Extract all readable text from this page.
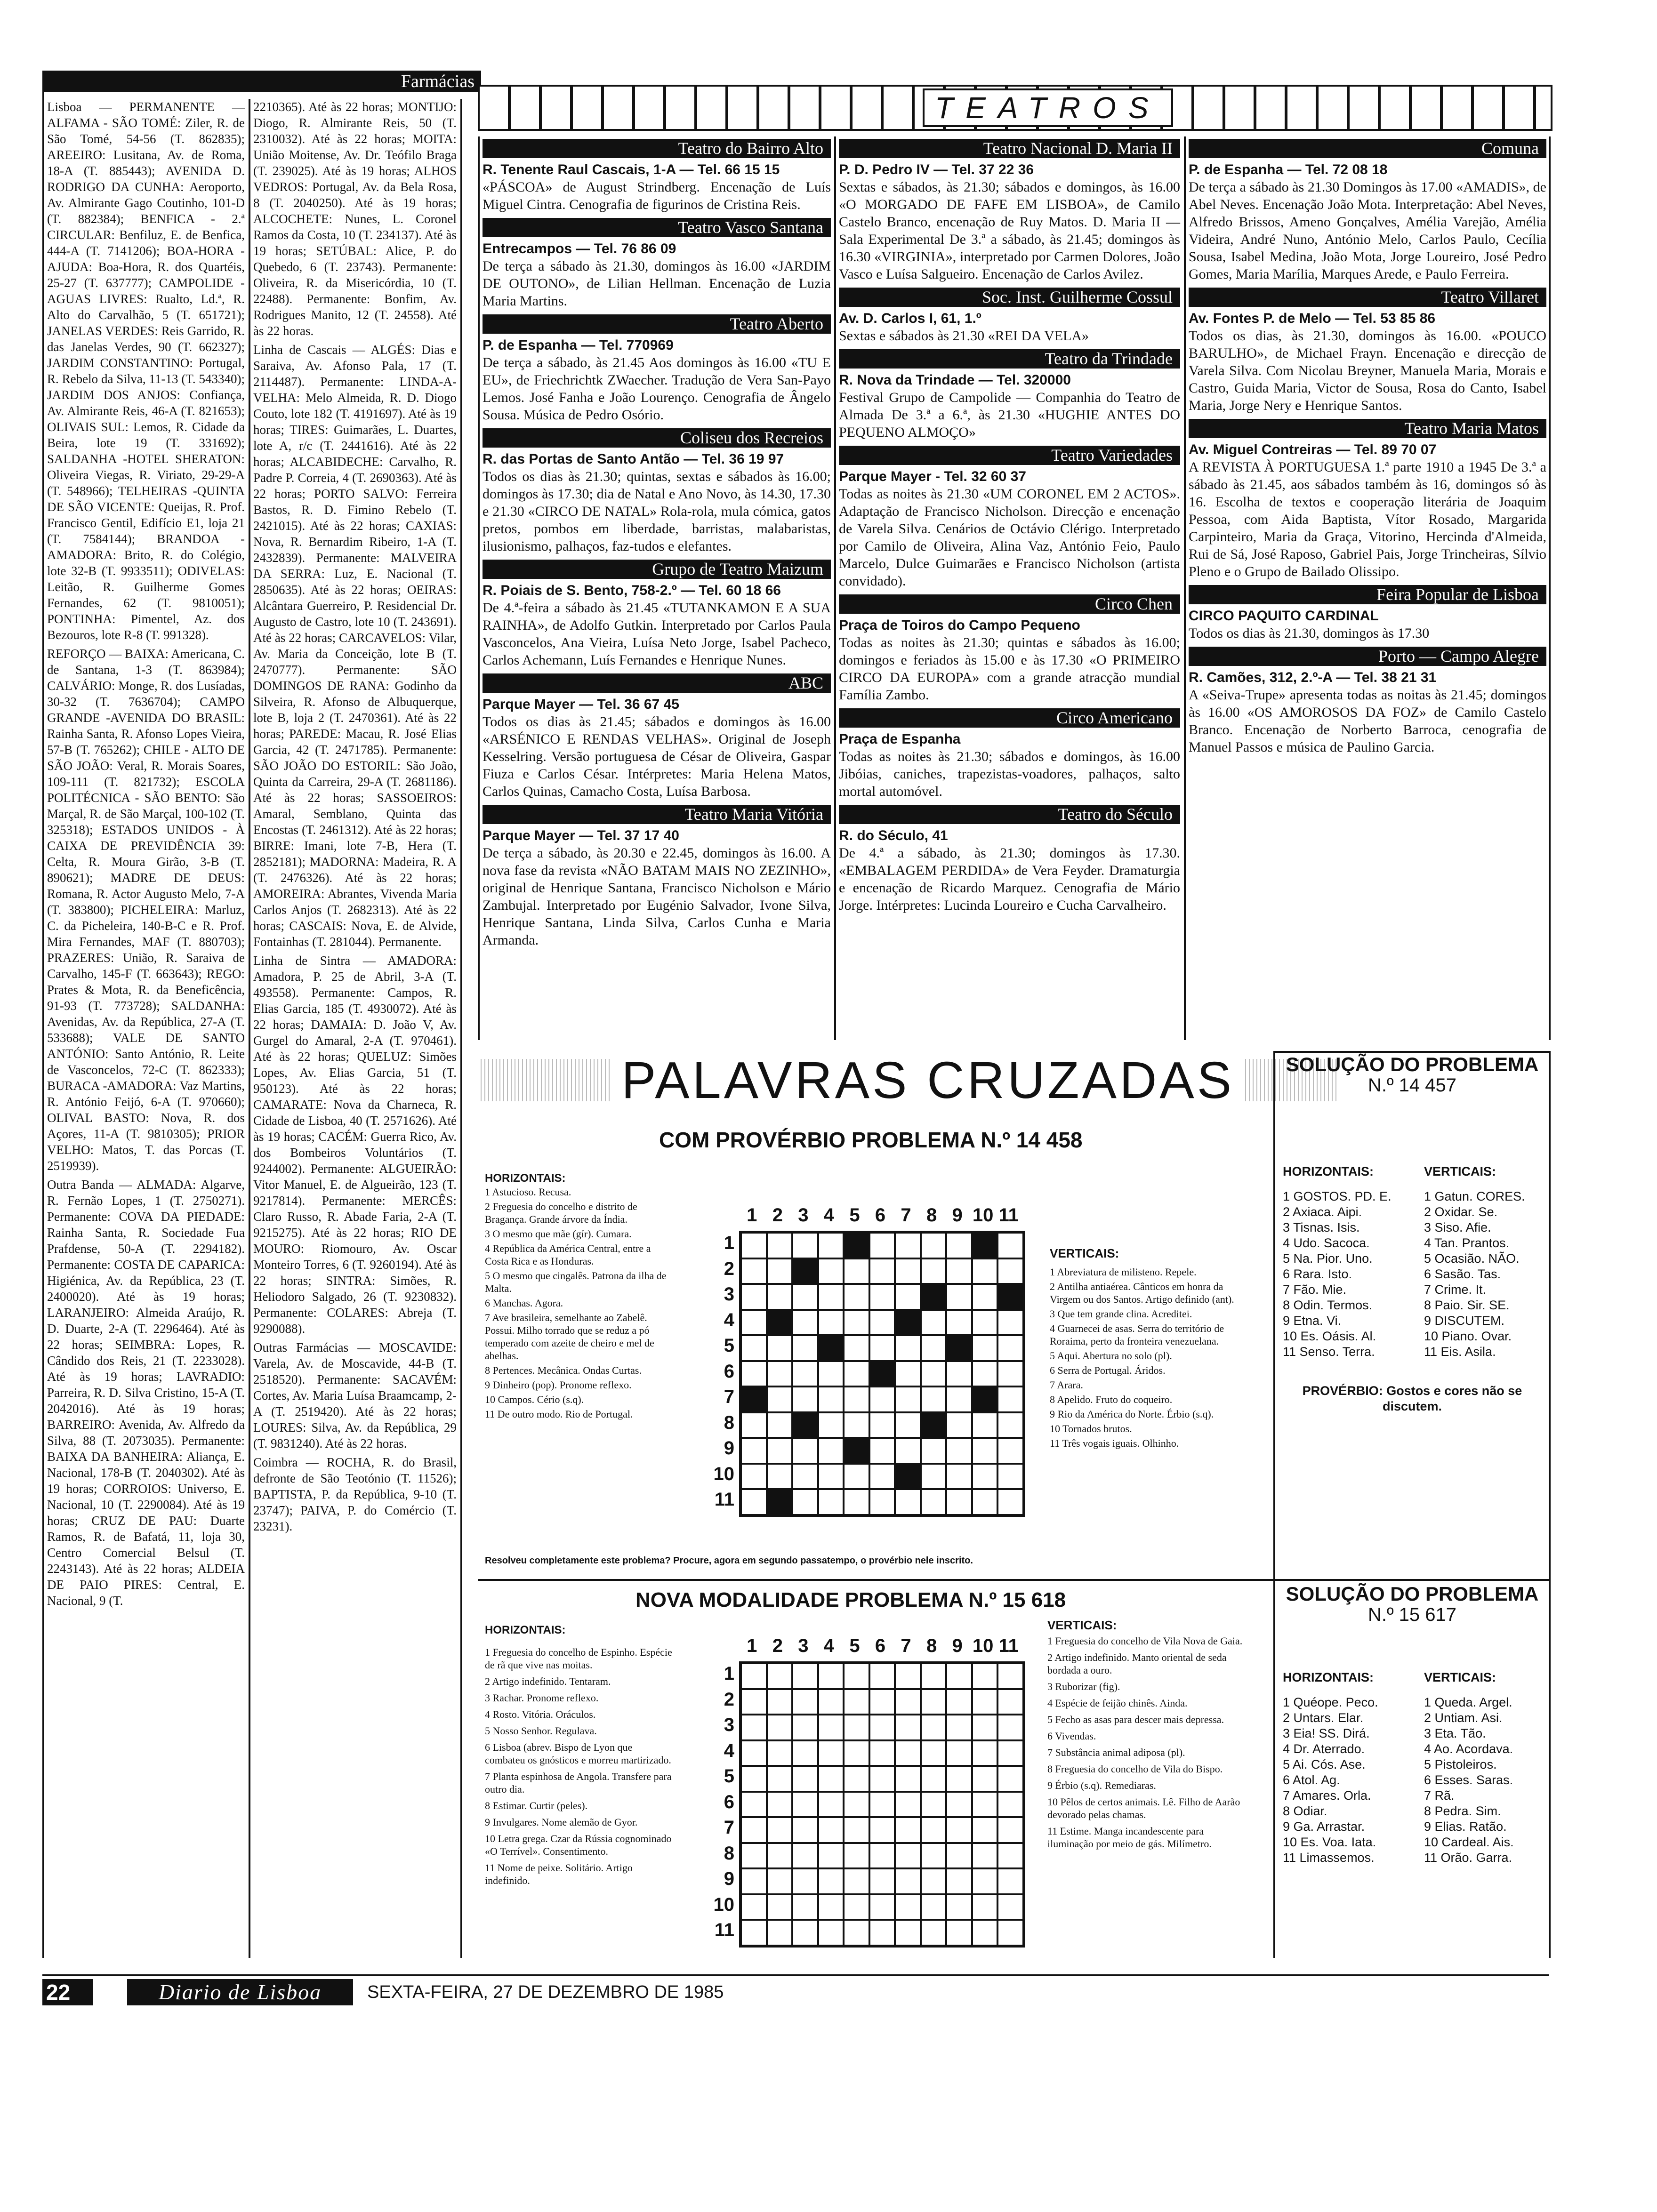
Farmácias

Lisboa — PERMANENTE — ALFAMA - SÃO TOMÉ: Ziler, R. de São Tomé, 54-56 (T. 862835); AREEIRO: Lusitana, Av. de Roma, 18-A (T. 885443); AVENIDA D. RODRIGO DA CUNHA: Aeroporto, Av. Almirante Gago Coutinho, 101-D (T. 882384); BENFICA - 2.ª CIRCULAR: Benfiluz, E. de Benfica, 444-A (T. 7141206); BOA-HORA - AJUDA: Boa-Hora, R. dos Quartéis, 25-27 (T. 637777); CAMPOLIDE -AGUAS LIVRES: Rualto, Ld.ª, R. Alto do Carvalhão, 5 (T. 651721); JANELAS VERDES: Reis Garrido, R. das Janelas Verdes, 90 (T. 662327); JARDIM CONSTANTINO: Portugal, R. Rebelo da Silva, 11-13 (T. 543340); JARDIM DOS ANJOS: Confiança, Av. Almirante Reis, 46-A (T. 821653); OLIVAIS SUL: Lemos, R. Cidade da Beira, lote 19 (T. 331692); SALDANHA -HOTEL SHERATON: Oliveira Viegas, R. Viriato, 29-29-A (T. 548966); TELHEIRAS -QUINTA DE SÃO VICENTE: Queijas, R. Prof. Francisco Gentil, Edifício E1, loja 21 (T. 7584144); BRANDOA - AMADORA: Brito, R. do Colégio, lote 32-B (T. 9933511); ODIVELAS: Leitão, R. Guilherme Gomes Fernandes, 62 (T. 9810051); PONTINHA: Pimentel, Az. dos Bezouros, lote R-8 (T. 991328).

REFORÇO — BAIXA: Americana, C. de Santana, 1-3 (T. 863984); CALVÁRIO: Monge, R. dos Lusíadas, 30-32 (T. 7636704); CAMPO GRANDE -AVENIDA DO BRASIL: Rainha Santa, R. Afonso Lopes Vieira, 57-B (T. 765262); CHILE - ALTO DE SÃO JOÃO: Veral, R. Morais Soares, 109-111 (T. 821732); ESCOLA POLITÉCNICA - SÃO BENTO: São Marçal, R. de São Marçal, 100-102 (T. 325318); ESTADOS UNIDOS - À CAIXA DE PREVIDÊNCIA 39: Celta, R. Moura Girão, 3-B (T. 890621); MADRE DE DEUS: Romana, R. Actor Augusto Melo, 7-A (T. 383800); PICHELEIRA: Marluz, C. da Picheleira, 140-B-C e R. Prof. Mira Fernandes, MAF (T. 880703); PRAZERES: União, R. Saraiva de Carvalho, 145-F (T. 663643); REGO: Prates & Mota, R. da Beneficência, 91-93 (T. 773728); SALDANHA: Avenidas, Av. da República, 27-A (T. 533688); VALE DE SANTO ANTÓNIO: Santo António, R. Leite de Vasconcelos, 72-C (T. 862333); BURACA -AMADORA: Vaz Martins, R. António Feijó, 6-A (T. 970660); OLIVAL BASTO: Nova, R. dos Açores, 11-A (T. 9810305); PRIOR VELHO: Matos, T. das Porcas (T. 2519939).

Outra Banda — ALMADA: Algarve, R. Fernão Lopes, 1 (T. 2750271). Permanente: COVA DA PIEDADE: Rainha Santa, R. Sociedade Fua Prafdense, 50-A (T. 2294182). Permanente: COSTA DE CAPARICA: Higiénica, Av. da República, 23 (T. 2400020). Até às 19 horas; LARANJEIRO: Almeida Araújo, R. D. Duarte, 2-A (T. 2296464). Até às 22 horas; SEIMBRA: Lopes, R. Cândido dos Reis, 21 (T. 2233028). Até às 19 horas; LAVRADIO: Parreira, R. D. Silva Cristino, 15-A (T. 2042016). Até às 19 horas; BARREIRO: Avenida, Av. Alfredo da Silva, 88 (T. 2073035). Permanente: BAIXA DA BANHEIRA: Aliança, E. Nacional, 178-B (T. 2040302). Até às 19 horas; CORROIOS: Universo, E. Nacional, 10 (T. 2290084). Até às 19 horas; CRUZ DE PAU: Duarte Ramos, R. de Bafatá, 11, loja 30, Centro Comercial Belsul (T. 2243143). Até às 22 horas; ALDEIA DE PAIO PIRES: Central, E. Nacional, 9 (T.

2210365). Até às 22 horas; MONTIJO: Diogo, R. Almirante Reis, 50 (T. 2310032). Até às 22 horas; MOITA: União Moitense, Av. Dr. Teófilo Braga (T. 239025). Até às 19 horas; ALHOS VEDROS: Portugal, Av. da Bela Rosa, 8 (T. 2040250). Até às 19 horas; ALCOCHETE: Nunes, L. Coronel Ramos da Costa, 10 (T. 234137). Até às 19 horas; SETÚBAL: Alice, P. do Quebedo, 6 (T. 23743). Permanente: Oliveira, R. da Misericórdia, 10 (T. 22488). Permanente: Bonfim, Av. Rodrigues Manito, 12 (T. 24558). Até às 22 horas.

Linha de Cascais — ALGÉS: Dias e Saraiva, Av. Afonso Pala, 17 (T. 2114487). Permanente: LINDA-A-VELHA: Melo Almeida, R. D. Diogo Couto, lote 182 (T. 4191697). Até às 19 horas; TIRES: Guimarães, L. Duartes, lote A, r/c (T. 2441616). Até às 22 horas; ALCABIDECHE: Carvalho, R. Padre P. Correia, 4 (T. 2690363). Até às 22 horas; PORTO SALVO: Ferreira Bastos, R. D. Fimino Rebelo (T. 2421015). Até às 22 horas; CAXIAS: Nova, R. Bernardim Ribeiro, 1-A (T. 2432839). Permanente: MALVEIRA DA SERRA: Luz, E. Nacional (T. 2850635). Até às 22 horas; OEIRAS: Alcântara Guerreiro, P. Residencial Dr. Augusto de Castro, lote 10 (T. 243691). Até às 22 horas; CARCAVELOS: Vilar, Av. Maria da Conceição, lote B (T. 2470777). Permanente: SÃO DOMINGOS DE RANA: Godinho da Silveira, R. Afonso de Albuquerque, lote B, loja 2 (T. 2470361). Até às 22 horas; PAREDE: Macau, R. José Elias Garcia, 42 (T. 2471785). Permanente: SÃO JOÃO DO ESTORIL: São João, Quinta da Carreira, 29-A (T. 2681186). Até às 22 horas; SASSOEIROS: Amaral, Semblano, Quinta das Encostas (T. 2461312). Até às 22 horas; BIRRE: Imani, lote 7-B, Hera (T. 2852181); MADORNA: Madeira, R. A (T. 2476326). Até às 22 horas; AMOREIRA: Abrantes, Vivenda Maria Carlos Anjos (T. 2682313). Até às 22 horas; CASCAIS: Nova, E. de Alvide, Fontainhas (T. 281044). Permanente.

Linha de Sintra — AMADORA: Amadora, P. 25 de Abril, 3-A (T. 493558). Permanente: Campos, R. Elias Garcia, 185 (T. 4930072). Até às 22 horas; DAMAIA: D. João V, Av. Gurgel do Amaral, 2-A (T. 970461). Até às 22 horas; QUELUZ: Simões Lopes, Av. Elias Garcia, 51 (T. 950123). Até às 22 horas; CAMARATE: Nova da Charneca, R. Cidade de Lisboa, 40 (T. 2571626). Até às 19 horas; CACÉM: Guerra Rico, Av. dos Bombeiros Voluntários (T. 9244002). Permanente: ALGUEIRÃO: Vitor Manuel, E. de Algueirão, 123 (T. 9217814). Permanente: MERCÊS: Claro Russo, R. Abade Faria, 2-A (T. 9215275). Até às 22 horas; RIO DE MOURO: Riomouro, Av. Oscar Monteiro Torres, 6 (T. 9260194). Até às 22 horas; SINTRA: Simões, R. Heliodoro Salgado, 26 (T. 9230832). Permanente: COLARES: Abreja (T. 9290088).

Outras Farmácias — MOSCAVIDE: Varela, Av. de Moscavide, 44-B (T. 2518520). Permanente: SACAVÉM: Cortes, Av. Maria Luísa Braamcamp, 2-A (T. 2519420). Até às 22 horas; LOURES: Silva, Av. da República, 29 (T. 9831240). Até às 22 horas.

Coimbra — ROCHA, R. do Brasil, defronte de São Teotónio (T. 11526); BAPTISTA, P. da República, 9-10 (T. 23747); PAIVA, P. do Comércio (T. 23231).

TEATROS
Teatro do Bairro Alto
R. Tenente Raul Cascais, 1-A — Tel. 66 15 15
«PÁSCOA» de August Strindberg. Encenação de Luís Miguel Cintra. Cenografia de figurinos de Cristina Reis.
Teatro Vasco Santana
Entrecampos — Tel. 76 86 09
De terça a sábado às 21.30, domingos às 16.00 «JARDIM DE OUTONO», de Lilian Hellman. Encenação de Luzia Maria Martins.
Teatro Aberto
P. de Espanha — Tel. 770969
De terça a sábado, às 21.45 Aos domingos às 16.00 «TU E EU», de Friechrichtk ZWaecher. Tradução de Vera San-Payo Lemos. José Fanha e João Lourenço. Cenografia de Ângelo Sousa. Música de Pedro Osório.
Coliseu dos Recreios
R. das Portas de Santo Antão — Tel. 36 19 97
Todos os dias às 21.30; quintas, sextas e sábados às 16.00; domingos às 17.30; dia de Natal e Ano Novo, às 14.30, 17.30 e 21.30 «CIRCO DE NATAL» Rola-rola, mula cómica, gatos pretos, pombos em liberdade, barristas, malabaristas, ilusionismo, palhaços, faz-tudos e elefantes.
Grupo de Teatro Maizum
R. Poiais de S. Bento, 758-2.º — Tel. 60 18 66
De 4.ª-feira a sábado às 21.45 «TUTANKAMON E A SUA RAINHA», de Adolfo Gutkin. Interpretado por Carlos Paula Vasconcelos, Ana Vieira, Luísa Neto Jorge, Isabel Pacheco, Carlos Achemann, Luís Fernandes e Henrique Nunes.
ABC
Parque Mayer — Tel. 36 67 45
Todos os dias às 21.45; sábados e domingos às 16.00 «ARSÉNICO E RENDAS VELHAS». Original de Joseph Kesselring. Versão portuguesa de César de Oliveira, Gaspar Fiuza e Carlos César. Intérpretes: Maria Helena Matos, Carlos Quinas, Camacho Costa, Luísa Barbosa.
Teatro Maria Vitória
Parque Mayer — Tel. 37 17 40
De terça a sábado, às 20.30 e 22.45, domingos às 16.00. A nova fase da revista «NÃO BATAM MAIS NO ZEZINHO», original de Henrique Santana, Francisco Nicholson e Mário Zambujal. Interpretado por Eugénio Salvador, Ivone Silva, Henrique Santana, Linda Silva, Carlos Cunha e Maria Armanda.
Teatro Nacional D. Maria II
P. D. Pedro IV — Tel. 37 22 36
Sextas e sábados, às 21.30; sábados e domingos, às 16.00 «O MORGADO DE FAFE EM LISBOA», de Camilo Castelo Branco, encenação de Ruy Matos. D. Maria II — Sala Experimental De 3.ª a sábado, às 21.45; domingos às 16.30 «VIRGINIA», interpretado por Carmen Dolores, João Vasco e Luísa Salgueiro. Encenação de Carlos Avilez.
Soc. Inst. Guilherme Cossul
Av. D. Carlos I, 61, 1.º
Sextas e sábados às 21.30 «REI DA VELA»
Teatro da Trindade
R. Nova da Trindade — Tel. 320000
Festival Grupo de Campolide — Companhia do Teatro de Almada De 3.ª a 6.ª, às 21.30 «HUGHIE ANTES DO PEQUENO ALMOÇO»
Teatro Variedades
Parque Mayer - Tel. 32 60 37
Todas as noites às 21.30 «UM CORONEL EM 2 ACTOS». Adaptação de Francisco Nicholson. Direcção e encenação de Varela Silva. Cenários de Octávio Clérigo. Interpretado por Camilo de Oliveira, Alina Vaz, António Feio, Paulo Marcelo, Dulce Guimarães e Francisco Nicholson (artista convidado).
Circo Chen
Praça de Toiros do Campo Pequeno
Todas as noites às 21.30; quintas e sábados às 16.00; domingos e feriados às 15.00 e às 17.30 «O PRIMEIRO CIRCO DA EUROPA» com a grande atracção mundial Família Zambo.
Circo Americano
Praça de Espanha
Todas as noites às 21.30; sábados e domingos, às 16.00 Jibóias, caniches, trapezistas-voadores, palhaços, salto mortal automóvel.
Teatro do Século
R. do Século, 41
De 4.ª a sábado, às 21.30; domingos às 17.30. «EMBALAGEM PERDIDA» de Vera Feyder. Dramaturgia e encenação de Ricardo Marquez. Cenografia de Mário Jorge. Intérpretes: Lucinda Loureiro e Cucha Carvalheiro.
Comuna
P. de Espanha — Tel. 72 08 18
De terça a sábado às 21.30 Domingos às 17.00 «AMADIS», de Abel Neves. Encenação João Mota. Interpretação: Abel Neves, Alfredo Brissos, Ameno Gonçalves, Amélia Varejão, Amélia Videira, André Nuno, António Melo, Carlos Paulo, Cecília Sousa, Isabel Medina, João Mota, Jorge Loureiro, José Pedro Gomes, Maria Marília, Marques Arede, e Paulo Ferreira.
Teatro Villaret
Av. Fontes P. de Melo — Tel. 53 85 86
Todos os dias, às 21.30, domingos às 16.00. «POUCO BARULHO», de Michael Frayn. Encenação e direcção de Varela Silva. Com Nicolau Breyner, Manuela Maria, Morais e Castro, Guida Maria, Victor de Sousa, Rosa do Canto, Isabel Maria, Jorge Nery e Henrique Santos.
Teatro Maria Matos
Av. Miguel Contreiras — Tel. 89 70 07
A REVISTA À PORTUGUESA 1.ª parte 1910 a 1945 De 3.ª a sábado às 21.45, aos sábados também às 16, domingos só às 16. Escolha de textos e cooperação literária de Joaquim Pessoa, com Aida Baptista, Vítor Rosado, Margarida Carpinteiro, Maria da Graça, Vitorino, Hercinda d'Almeida, Rui de Sá, José Raposo, Gabriel Pais, Jorge Trincheiras, Sílvio Pleno e o Grupo de Bailado Olissipo.
Feira Popular de Lisboa
CIRCO PAQUITO CARDINAL
Todos os dias às 21.30, domingos às 17.30
Porto — Campo Alegre
R. Camões, 312, 2.º-A — Tel. 38 21 31
A «Seiva-Trupe» apresenta todas as noitas às 21.45; domingos às 16.00 «OS AMOROSOS DA FOZ» de Camilo Castelo Branco. Encenação de Norberto Barroca, cenografia de Manuel Passos e música de Paulino Garcia.
PALAVRAS CRUZADAS
COM PROVÉRBIO PROBLEMA N.º 14 458
HORIZONTAIS:
1 Astucioso. Recusa.
2 Freguesia do concelho e distrito de Bragança. Grande árvore da Índia.
3 O mesmo que mãe (gír). Cumara.
4 República da América Central, entre a Costa Rica e as Honduras.
5 O mesmo que cingalês. Patrona da ilha de Malta.
6 Manchas. Agora.
7 Ave brasileira, semelhante ao Zabelê. Possui. Milho torrado que se reduz a pó temperado com azeite de cheiro e mel de abelhas.
8 Pertences. Mecânica. Ondas Curtas.
9 Dinheiro (pop). Pronome reflexo.
10 Campos. Cério (s.q).
11 De outro modo. Rio de Portugal.
1 2 3 4 5 6 7 8 9 10 11
1
2
3
4
5
6
7
8
9
10
11
VERTICAIS:
1 Abreviatura de milisteno. Repele.
2 Antilha antiaérea. Cânticos em honra da Virgem ou dos Santos. Artigo definido (ant).
3 Que tem grande clina. Acreditei.
4 Guarnecei de asas. Serra do território de Roraima, perto da fronteira venezuelana.
5 Aqui. Abertura no solo (pl).
6 Serra de Portugal. Áridos.
7 Arara.
8 Apelido. Fruto do coqueiro.
9 Rio da América do Norte. Érbio (s.q).
10 Tornados brutos.
11 Três vogais iguais. Olhinho.
Resolveu completamente este problema? Procure, agora em segundo passatempo, o provérbio nele inscrito.
NOVA MODALIDADE PROBLEMA N.º 15 618
HORIZONTAIS:
1 Freguesia do concelho de Espinho. Espécie de rã que vive nas moitas.
2 Artigo indefinido. Tentaram.
3 Rachar. Pronome reflexo.
4 Rosto. Vitória. Oráculos.
5 Nosso Senhor. Regulava.
6 Lisboa (abrev. Bispo de Lyon que combateu os gnósticos e morreu martirizado.
7 Planta espinhosa de Angola. Transfere para outro dia.
8 Estimar. Curtir (peles).
9 Invulgares. Nome alemão de Gyor.
10 Letra grega. Czar da Rússia cognominado «O Terrível». Consentimento.
11 Nome de peixe. Solitário. Artigo indefinido.
1 2 3 4 5 6 7 8 9 10 11
1
2
3
4
5
6
7
8
9
10
11
VERTICAIS:
1 Freguesia do concelho de Vila Nova de Gaia.
2 Artigo indefinido. Manto oriental de seda bordada a ouro.
3 Ruborizar (fig).
4 Espécie de feijão chinês. Ainda.
5 Fecho as asas para descer mais depressa.
6 Vivendas.
7 Substância animal adiposa (pl).
8 Freguesia do concelho de Vila do Bispo.
9 Érbio (s.q). Remediaras.
10 Pêlos de certos animais. Lê. Filho de Aarão devorado pelas chamas.
11 Estime. Manga incandescente para iluminação por meio de gás. Milímetro.
SOLUÇÃO DO PROBLEMA
N.º 14 457
HORIZONTAIS:
1 GOSTOS. PD. E.
2 Axiaca. Aipi.
3 Tisnas. Isis.
4 Udo. Sacoca.
5 Na. Pior. Uno.
6 Rara. Isto.
7 Fão. Mie.
8 Odin. Termos.
9 Etna. Vi.
10 Es. Oásis. Al.
11 Senso. Terra.
VERTICAIS:
1 Gatun. CORES.
2 Oxidar. Se.
3 Siso. Afie.
4 Tan. Prantos.
5 Ocasião. NÃO.
6 Sasão. Tas.
7 Crime. It.
8 Paio. Sir. SE.
9 DISCUTEM.
10 Piano. Ovar.
11 Eis. Asila.
PROVÉRBIO: Gostos e cores não se discutem.
SOLUÇÃO DO PROBLEMA
N.º 15 617
HORIZONTAIS:
1 Quéope. Peco.
2 Untars. Elar.
3 Eia! SS. Dirá.
4 Dr. Aterrado.
5 Ai. Cós. Ase.
6 Atol. Ag.
7 Amares. Orla.
8 Odiar.
9 Ga. Arrastar.
10 Es. Voa. Iata.
11 Limassemos.
VERTICAIS:
1 Queda. Argel.
2 Untiam. Asi.
3 Eta. Tão.
4 Ao. Acordava.
5 Pistoleiros.
6 Esses. Saras.
7 Rã.
8 Pedra. Sim.
9 Elias. Ratão.
10 Cardeal. Ais.
11 Orão. Garra.
22	Diario de Lisboa	SEXTA-FEIRA, 27 DE DEZEMBRO DE 1985
